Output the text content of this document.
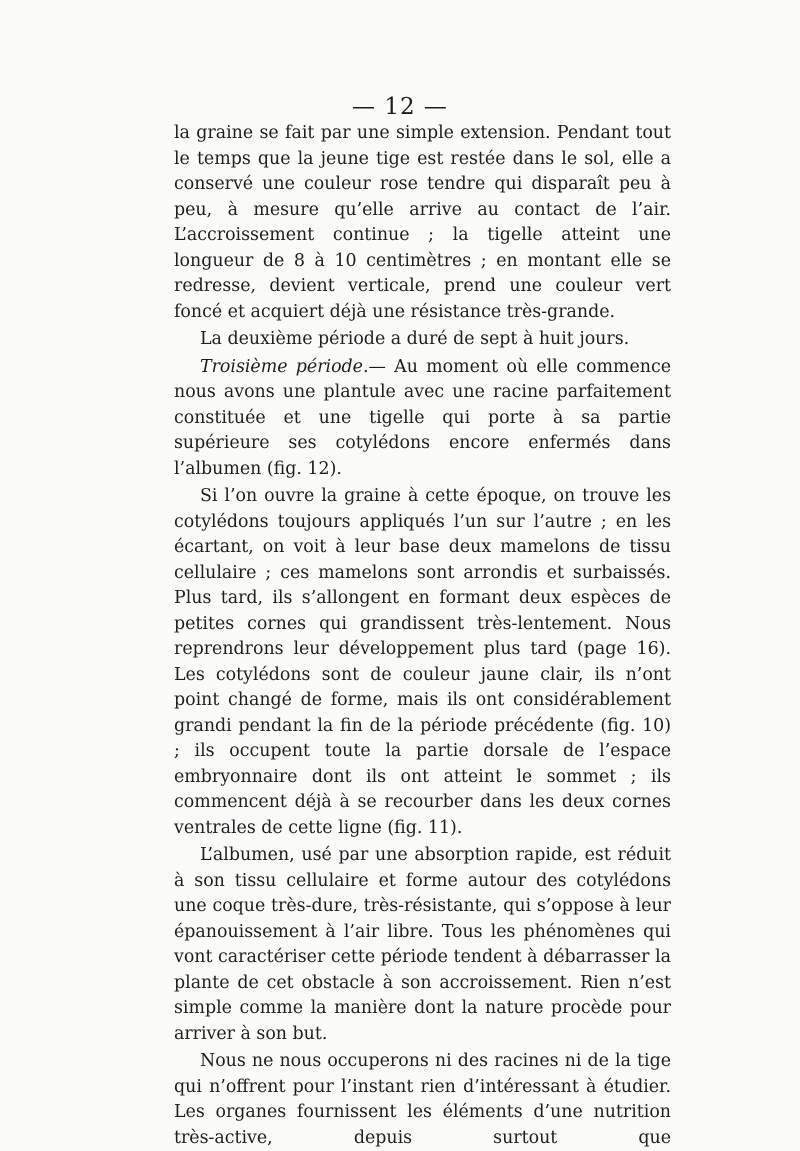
— 12 —

la graine se fait par une simple extension. Pendant tout le temps que la jeune tige est restée dans le sol, elle a conservé une couleur rose tendre qui disparaît peu à peu, à mesure qu’elle arrive au contact de l’air. L’accroissement continue ; la tigelle atteint une longueur de 8 à 10 centimètres ; en montant elle se redresse, devient verticale, prend une couleur vert foncé et acquiert déjà une résistance très-grande.

La deuxième période a duré de sept à huit jours.

Troisième période.— Au moment où elle commence nous avons une plantule avec une racine parfaitement constituée et une tigelle qui porte à sa partie supérieure ses cotylédons encore enfermés dans l’albumen (fig. 12).

Si l’on ouvre la graine à cette époque, on trouve les cotylédons toujours appliqués l’un sur l’autre ; en les écartant, on voit à leur base deux mamelons de tissu cellulaire ; ces mamelons sont arrondis et surbaissés. Plus tard, ils s’allongent en formant deux espèces de petites cornes qui grandissent très-lentement. Nous reprendrons leur développement plus tard (page 16). Les cotylédons sont de couleur jaune clair, ils n’ont point changé de forme, mais ils ont considérablement grandi pendant la fin de la période précédente (fig. 10) ; ils occupent toute la partie dorsale de l’espace embryonnaire dont ils ont atteint le sommet ; ils commencent déjà à se recourber dans les deux cornes ventrales de cette ligne (fig. 11).

L’albumen, usé par une absorption rapide, est réduit à son tissu cellulaire et forme autour des cotylédons une coque très-dure, très-résistante, qui s’oppose à leur épanouissement à l’air libre. Tous les phénomènes qui vont caractériser cette période tendent à débarrasser la plante de cet obstacle à son accroissement. Rien n’est simple comme la manière dont la nature procède pour arriver à son but.

Nous ne nous occuperons ni des racines ni de la tige qui n’offrent pour l’instant rien d’intéressant à étudier. Les organes fournissent les éléments d’une nutrition très-active, depuis surtout que
